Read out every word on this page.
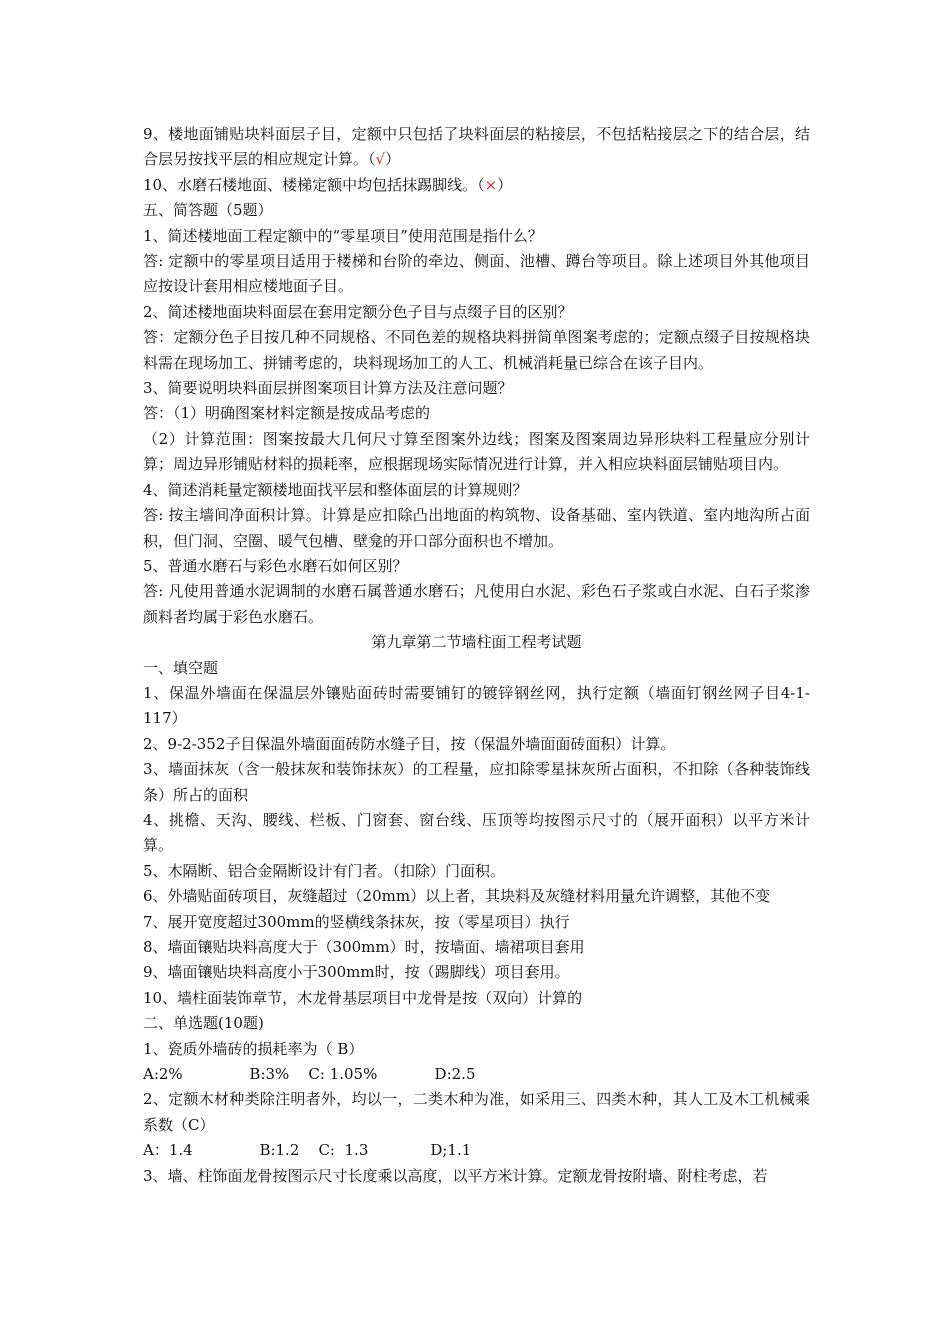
9、楼地面铺贴块料面层子目，定额中只包括了块料面层的粘接层，不包括粘接层之下的结合层，结合层另按找平层的相应规定计算。（√）

10、水磨石楼地面、楼梯定额中均包括抹踢脚线。（×）

五、简答题（5题）

1、简述楼地面工程定额中的“零星项目”使用范围是指什么？

答: 定额中的零星项目适用于楼梯和台阶的牵边、侧面、池槽、蹲台等项目。除上述项目外其他项目应按设计套用相应楼地面子目。

2、简述楼地面块料面层在套用定额分色子目与点缀子目的区别？

答：定额分色子目按几种不同规格、不同色差的规格块料拼简单图案考虑的；定额点缀子目按规格块料需在现场加工、拼铺考虑的，块料现场加工的人工、机械消耗量已综合在该子目内。

3、简要说明块料面层拼图案项目计算方法及注意问题？

答：（1）明确图案材料定额是按成品考虑的

（2）计算范围：图案按最大几何尺寸算至图案外边线；图案及图案周边异形块料工程量应分别计算；周边异形铺贴材料的损耗率，应根据现场实际情况进行计算，并入相应块料面层铺贴项目内。

4、简述消耗量定额楼地面找平层和整体面层的计算规则？

答: 按主墙间净面积计算。计算是应扣除凸出地面的构筑物、设备基础、室内铁道、室内地沟所占面积，但门洞、空圈、暖气包槽、壁龛的开口部分面积也不增加。

5、普通水磨石与彩色水磨石如何区别？

答: 凡使用普通水泥调制的水磨石属普通水磨石；凡使用白水泥、彩色石子浆或白水泥、白石子浆渗颜料者均属于彩色水磨石。

第九章第二节墙柱面工程考试题

一、填空题

1、保温外墙面在保温层外镶贴面砖时需要铺钉的镀锌钢丝网，执行定额（墙面钉钢丝网子目4-1-117）

2、9-2-352子目保温外墙面面砖防水缝子目，按（保温外墙面面砖面积）计算。

3、墙面抹灰（含一般抹灰和装饰抹灰）的工程量，应扣除零星抹灰所占面积，不扣除（各种装饰线条）所占的面积

4、挑檐、天沟、腰线、栏板、门窗套、窗台线、压顶等均按图示尺寸的（展开面积）以平方米计算。

5、木隔断、铝合金隔断设计有门者。（扣除）门面积。

6、外墙贴面砖项目，灰缝超过（20mm）以上者，其块料及灰缝材料用量允许调整，其他不变

7、展开宽度超过300mm的竖横线条抹灰，按（零星项目）执行

8、墙面镶贴块料高度大于（300mm）时，按墙面、墙裙项目套用

9、墙面镶贴块料高度小于300mm时，按（踢脚线）项目套用。

10、墙柱面装饰章节，木龙骨基层项目中龙骨是按（双向）计算的

二、单选题(10题)

1、瓷质外墙砖的损耗率为（ B）

A:2%              B:3%    C: 1.05%            D:2.5

2、定额木材种类除注明者外，均以一，二类木种为准，如采用三、四类木种，其人工及木工机械乘系数（C）

A：1.4              B:1.2    C:  1.3             D;1.1

3、墙、柱饰面龙骨按图示尺寸长度乘以高度，以平方米计算。定额龙骨按附墙、附柱考虑，若
